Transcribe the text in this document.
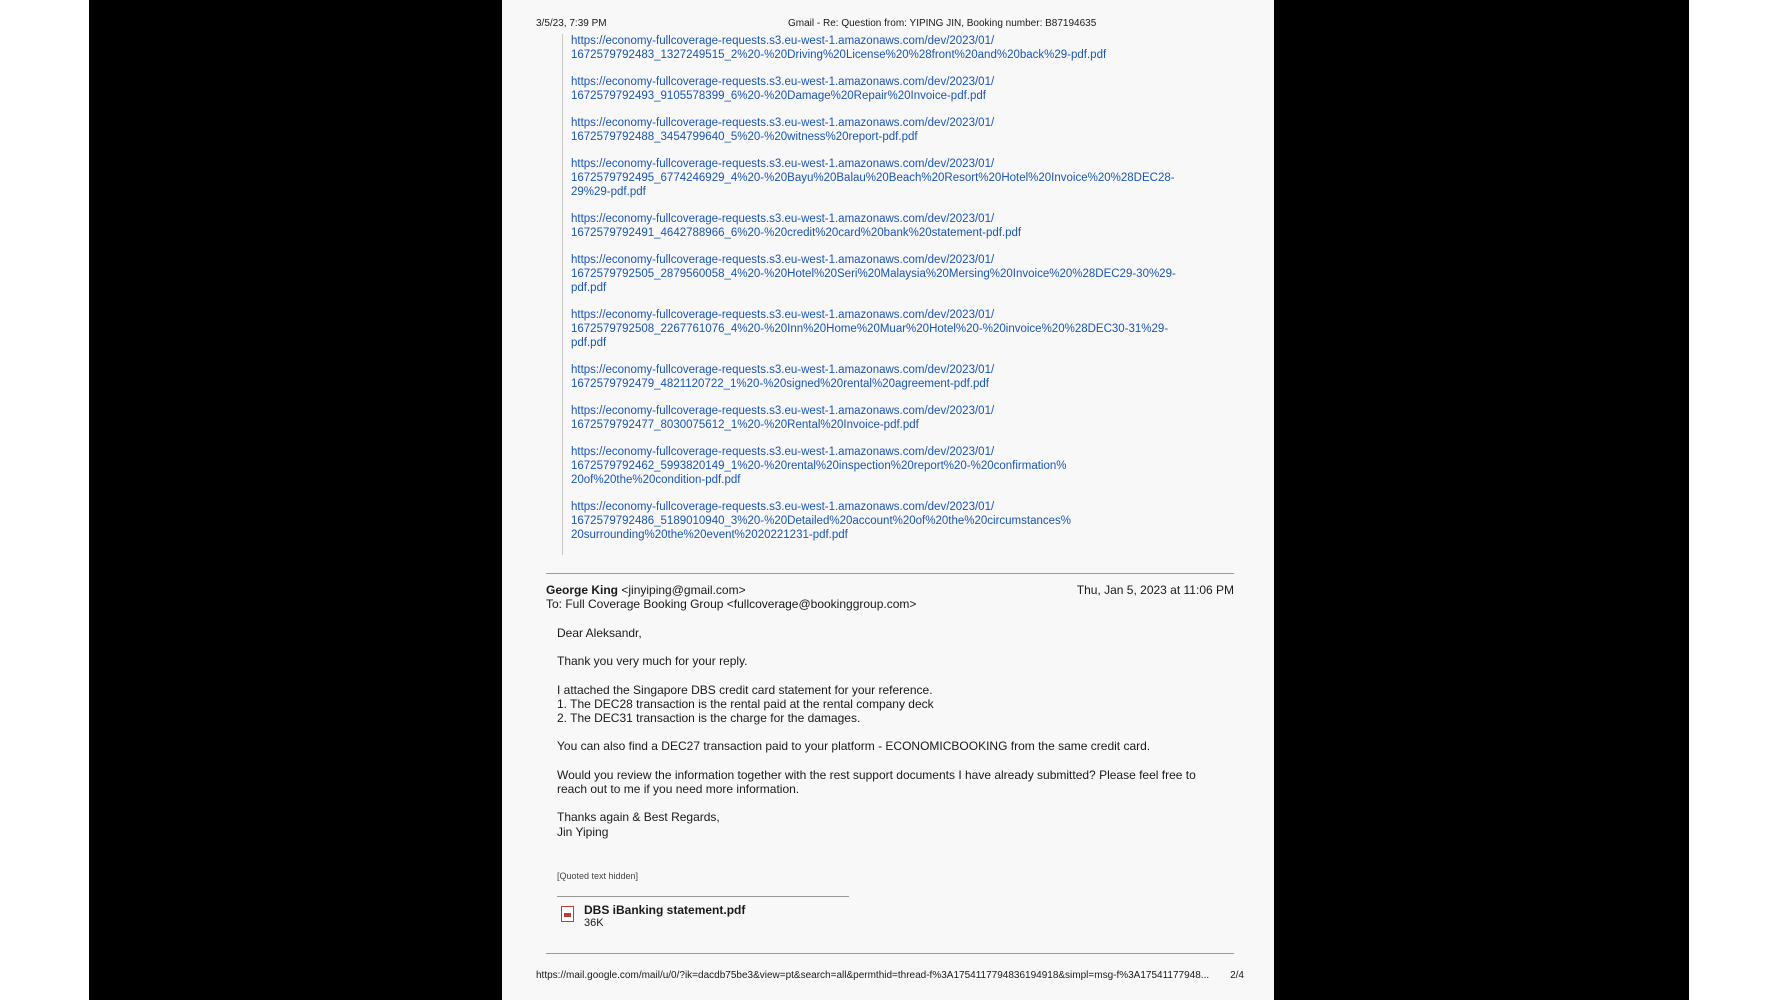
3/5/23, 7:39 PM	Gmail - Re: Question from: YIPING JIN, Booking number: B87194635
https://economy-fullcoverage-requests.s3.eu-west-1.amazonaws.com/dev/2023/01/
1672579792483_1327249515_2%20-%20Driving%20License%20%28front%20and%20back%29-pdf.pdf
https://economy-fullcoverage-requests.s3.eu-west-1.amazonaws.com/dev/2023/01/
1672579792493_9105578399_6%20-%20Damage%20Repair%20Invoice-pdf.pdf
https://economy-fullcoverage-requests.s3.eu-west-1.amazonaws.com/dev/2023/01/
1672579792488_3454799640_5%20-%20witness%20report-pdf.pdf
https://economy-fullcoverage-requests.s3.eu-west-1.amazonaws.com/dev/2023/01/
1672579792495_6774246929_4%20-%20Bayu%20Balau%20Beach%20Resort%20Hotel%20Invoice%20%28DEC28-
29%29-pdf.pdf
https://economy-fullcoverage-requests.s3.eu-west-1.amazonaws.com/dev/2023/01/
1672579792491_4642788966_6%20-%20credit%20card%20bank%20statement-pdf.pdf
https://economy-fullcoverage-requests.s3.eu-west-1.amazonaws.com/dev/2023/01/
1672579792505_2879560058_4%20-%20Hotel%20Seri%20Malaysia%20Mersing%20Invoice%20%28DEC29-30%29-
pdf.pdf
https://economy-fullcoverage-requests.s3.eu-west-1.amazonaws.com/dev/2023/01/
1672579792508_2267761076_4%20-%20Inn%20Home%20Muar%20Hotel%20-%20invoice%20%28DEC30-31%29-
pdf.pdf
https://economy-fullcoverage-requests.s3.eu-west-1.amazonaws.com/dev/2023/01/
1672579792479_4821120722_1%20-%20signed%20rental%20agreement-pdf.pdf
https://economy-fullcoverage-requests.s3.eu-west-1.amazonaws.com/dev/2023/01/
1672579792477_8030075612_1%20-%20Rental%20Invoice-pdf.pdf
https://economy-fullcoverage-requests.s3.eu-west-1.amazonaws.com/dev/2023/01/
1672579792462_5993820149_1%20-%20rental%20inspection%20report%20-%20confirmation%
20of%20the%20condition-pdf.pdf
https://economy-fullcoverage-requests.s3.eu-west-1.amazonaws.com/dev/2023/01/
1672579792486_5189010940_3%20-%20Detailed%20account%20of%20the%20circumstances%
20surrounding%20the%20event%2020221231-pdf.pdf
George King <jinyiping@gmail.com>	Thu, Jan 5, 2023 at 11:06 PM
To: Full Coverage Booking Group <fullcoverage@bookinggroup.com>

Dear Aleksandr,

Thank you very much for your reply.

I attached the Singapore DBS credit card statement for your reference.
1. The DEC28 transaction is the rental paid at the rental company deck
2. The DEC31 transaction is the charge for the damages.

You can also find a DEC27 transaction paid to your platform - ECONOMICBOOKING from the same credit card.

Would you review the information together with the rest support documents I have already submitted? Please feel free to
reach out to me if you need more information.

Thanks again & Best Regards,
Jin Yiping

[Quoted text hidden]
DBS iBanking statement.pdf
36K
https://mail.google.com/mail/u/0/?ik=dacdb75be3&view=pt&search=all&permthid=thread-f%3A1754117794836194918&simpl=msg-f%3A17541177948... 2/4
